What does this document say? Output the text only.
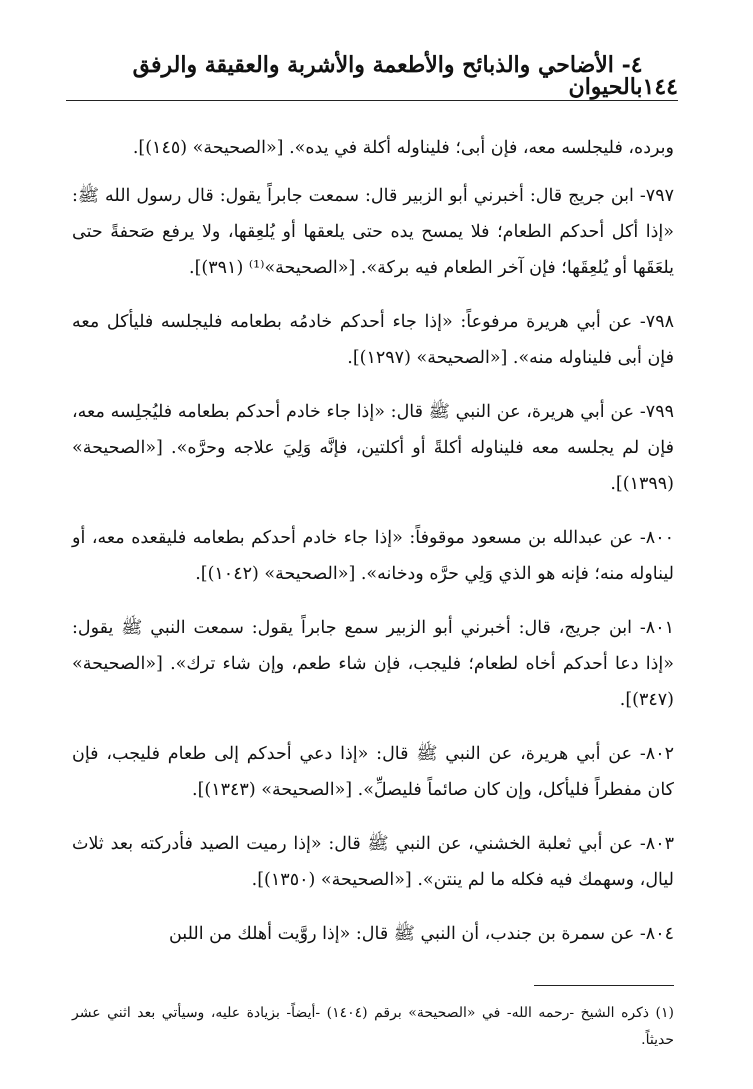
١٤٤
٤- الأضاحي والذبائح والأطعمة والأشربة والعقيقة والرفق بالحيوان

وبرده، فليجلسه معه، فإن أبى؛ فليناوله أكلة في يده». [«الصحيحة» (١٤٥)].

٧٩٧- ابن جريج قال: أخبرني أبو الزبير قال: سمعت جابراً يقول: قال رسول الله ﷺ: «إذا أكل أحدكم الطعام؛ فلا يمسح يده حتى يلعقها أو يُلعِقها، ولا يرفع صَحفةً حتى يلعَقَها أو يُلعِقَها؛ فإن آخر الطعام فيه بركة». [«الصحيحة»⁽¹⁾ (٣٩١)].

٧٩٨- عن أبي هريرة مرفوعاً: «إذا جاء أحدكم خادمُه بطعامه فليجلسه فليأكل معه فإن أبى فليناوله منه». [«الصحيحة» (١٢٩٧)].

٧٩٩- عن أبي هريرة، عن النبي ﷺ قال: «إذا جاء خادم أحدكم بطعامه فليُجلِسه معه، فإن لم يجلسه معه فليناوله أكلةً أو أكلتين، فإنَّه وَلِيَ علاجه وحرَّه». [«الصحيحة» (١٣٩٩)].

٨٠٠- عن عبدالله بن مسعود موقوفاً: «إذا جاء خادم أحدكم بطعامه فليقعده معه، أو ليناوله منه؛ فإنه هو الذي وَلِي حرَّه ودخانه». [«الصحيحة» (١٠٤٢)].

٨٠١- ابن جريج، قال: أخبرني أبو الزبير سمع جابراً يقول: سمعت النبي ﷺ يقول: «إذا دعا أحدكم أخاه لطعام؛ فليجب، فإن شاء طعم، وإن شاء ترك». [«الصحيحة» (٣٤٧)].

٨٠٢- عن أبي هريرة، عن النبي ﷺ قال: «إذا دعي أحدكم إلى طعام فليجب، فإن كان مفطراً فليأكل، وإن كان صائماً فليصلِّ». [«الصحيحة» (١٣٤٣)].

٨٠٣- عن أبي ثعلبة الخشني، عن النبي ﷺ قال: «إذا رميت الصيد فأدركته بعد ثلاث ليال، وسهمك فيه فكله ما لم ينتن». [«الصحيحة» (١٣٥٠)].

٨٠٤- عن سمرة بن جندب، أن النبي ﷺ قال: «إذا روَّيت أهلك من اللبن

(١) ذكره الشيخ -رحمه الله- في «الصحيحة» برقم (١٤٠٤) -أيضاً- بزيادة عليه، وسيأتي بعد اثني عشر حديثاً.
